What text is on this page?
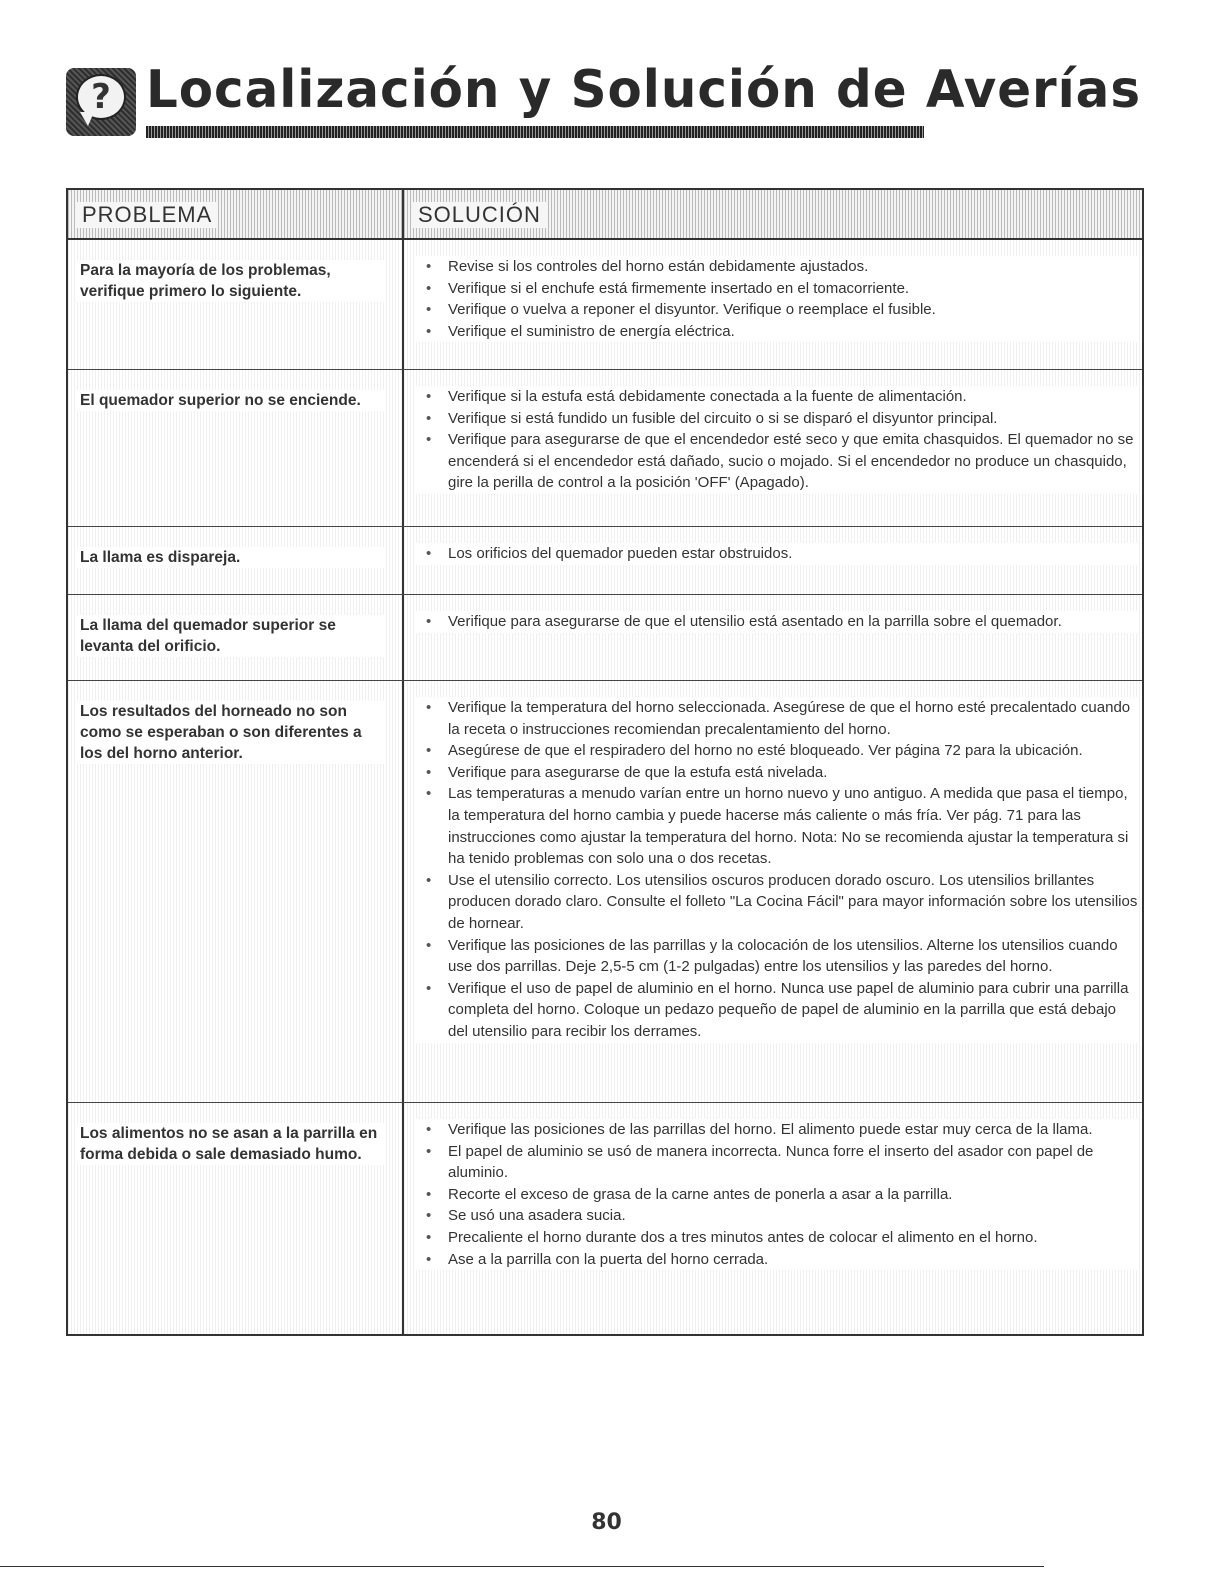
? Localización y Solución de Averías
PROBLEMA	SOLUCIÓN
Para la mayoría de los problemas, verifique primero lo siguiente.
• Revise si los controles del horno están debidamente ajustados.
• Verifique si el enchufe está firmemente insertado en el tomacorriente.
• Verifique o vuelva a reponer el disyuntor. Verifique o reemplace el fusible.
• Verifique el suministro de energía eléctrica.
El quemador superior no se enciende.	• Verifique si la estufa está debidamente conectada a la fuente de alimentación.
• Verifique si está fundido un fusible del circuito o si se disparó el disyuntor principal.
• Verifique para asegurarse de que el encendedor esté seco y que emita chasquidos. El quemador no se encenderá si el encendedor está dañado, sucio o mojado. Si el encendedor no produce un chasquido, gire la perilla de control a la posición 'OFF' (Apagado).
La llama es dispareja.	• Los orificios del quemador pueden estar obstruidos.
La llama del quemador superior se levanta del orificio.
• Verifique para asegurarse de que el utensilio está asentado en la parrilla sobre el quemador.
Los resultados del horneado no son como se esperaban o son diferentes a los del horno anterior.
• Verifique la temperatura del horno seleccionada. Asegúrese de que el horno esté precalentado cuando la receta o instrucciones recomiendan precalentamiento del horno.
• Asegúrese de que el respiradero del horno no esté bloqueado. Ver página 72 para la ubicación.
• Verifique para asegurarse de que la estufa está nivelada.
• Las temperaturas a menudo varían entre un horno nuevo y uno antiguo. A medida que pasa el tiempo, la temperatura del horno cambia y puede hacerse más caliente o más fría. Ver pág. 71 para las instrucciones como ajustar la temperatura del horno. Nota: No se recomienda ajustar la temperatura si ha tenido problemas con solo una o dos recetas.
• Use el utensilio correcto. Los utensilios oscuros producen dorado oscuro. Los utensilios brillantes producen dorado claro. Consulte el folleto "La Cocina Fácil" para mayor información sobre los utensilios de hornear.
• Verifique las posiciones de las parrillas y la colocación de los utensilios. Alterne los utensilios cuando use dos parrillas. Deje 2,5-5 cm (1-2 pulgadas) entre los utensilios y las paredes del horno.
• Verifique el uso de papel de aluminio en el horno. Nunca use papel de aluminio para cubrir una parrilla completa del horno. Coloque un pedazo pequeño de papel de aluminio en la parrilla que está debajo del utensilio para recibir los derrames.
Los alimentos no se asan a la parrilla en forma debida o sale demasiado humo.
• Verifique las posiciones de las parrillas del horno. El alimento puede estar muy cerca de la llama.
• El papel de aluminio se usó de manera incorrecta. Nunca forre el inserto del asador con papel de aluminio.
• Recorte el exceso de grasa de la carne antes de ponerla a asar a la parrilla.
• Se usó una asadera sucia.
• Precaliente el horno durante dos a tres minutos antes de colocar el alimento en el horno.
• Ase a la parrilla con la puerta del horno cerrada.
80
